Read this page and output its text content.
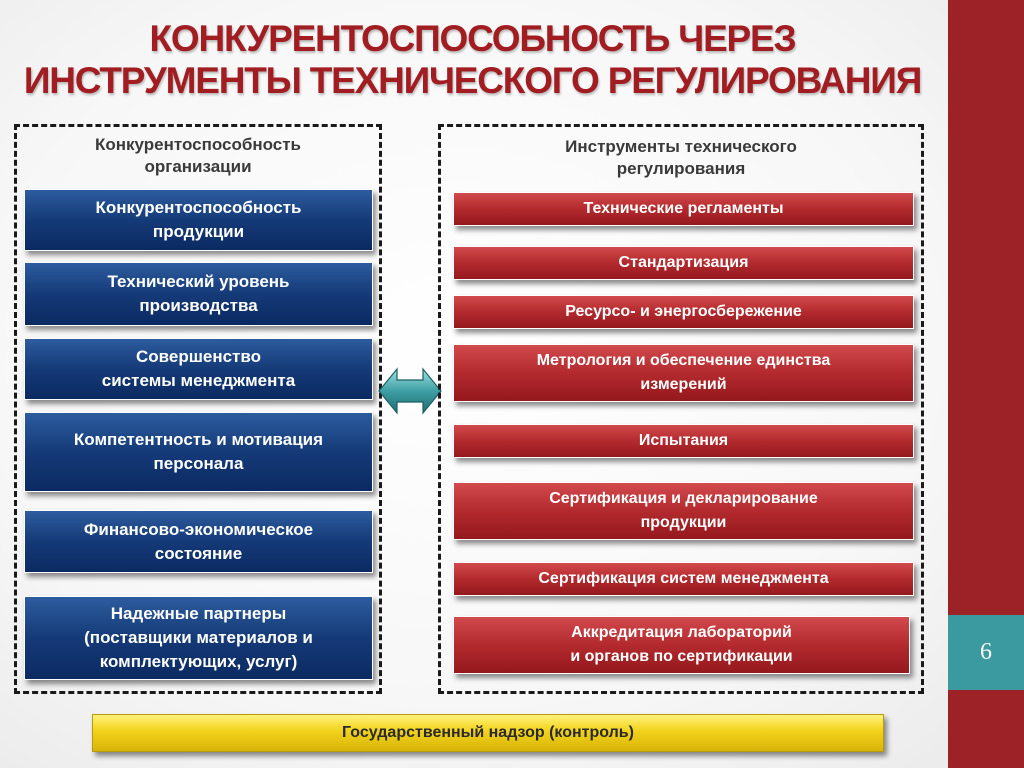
6
КОНКУРЕНТОСПОСОБНОСТЬ ЧЕРЕЗ
ИНСТРУМЕНТЫ ТЕХНИЧЕСКОГО РЕГУЛИРОВАНИЯ
Конкурентоспособность
организации
Конкурентоспособность
продукции
Технический уровень
производства
Совершенство
системы менеджмента
Компетентность и мотивация
персонала
Финансово-экономическое
состояние
Надежные партнеры
(поставщики материалов и
комплектующих, услуг)
Инструменты технического
регулирования
Технические регламенты
Стандартизация
Ресурсо- и энергосбережение
Метрология и обеспечение единства
измерений
Испытания
Сертификация и декларирование
продукции
Сертификация систем менеджмента
Аккредитация лабораторий
и органов по сертификации
Государственный надзор (контроль)
